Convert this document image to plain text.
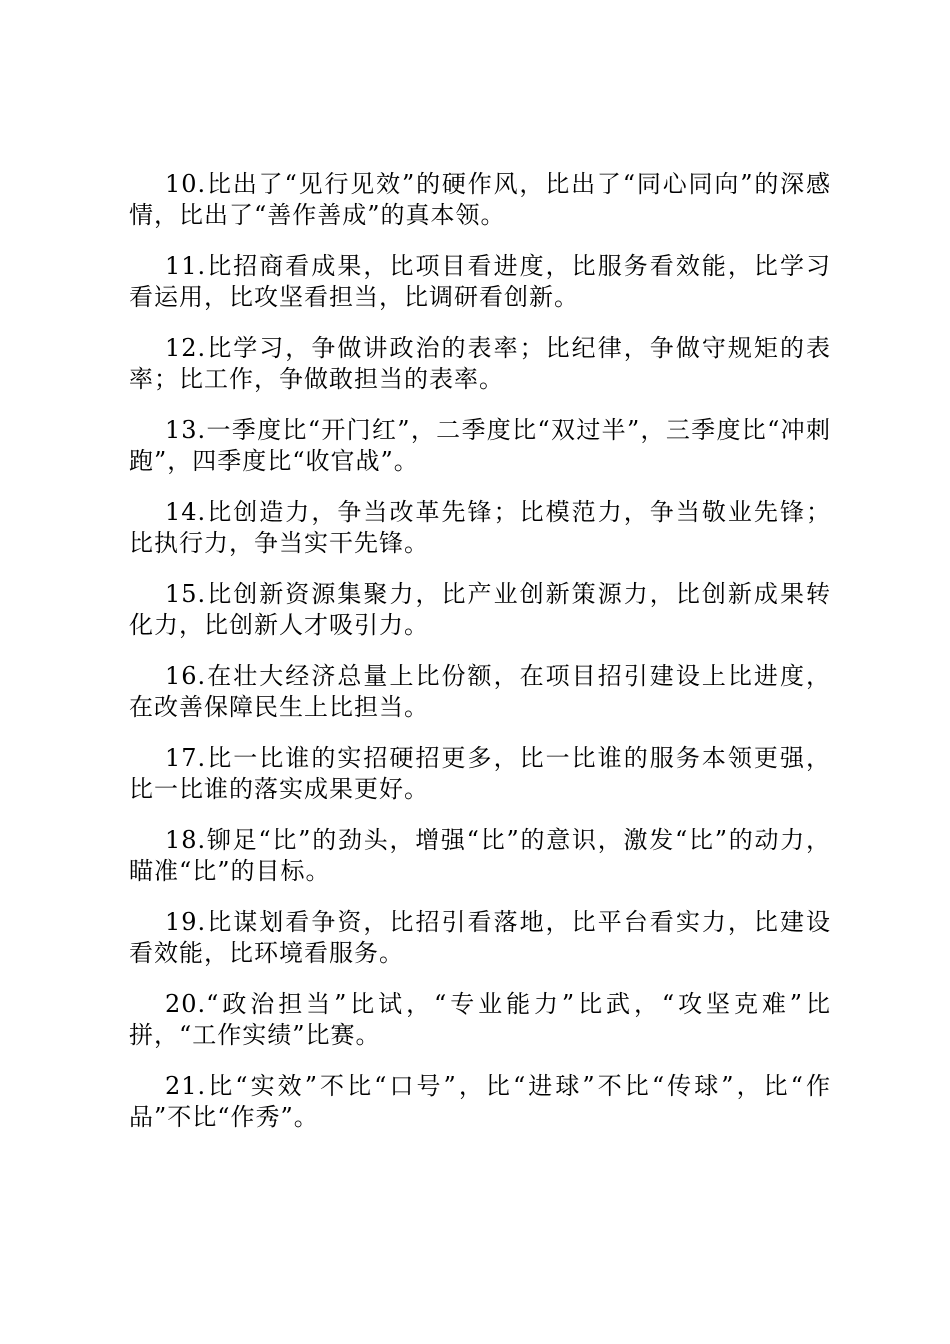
10.比出了“见行见效”的硬作风，比出了“同心同向”的深感情，比出了“善作善成”的真本领。

11.比招商看成果，比项目看进度，比服务看效能，比学习看运用，比攻坚看担当，比调研看创新。

12.比学习，争做讲政治的表率；比纪律，争做守规矩的表率；比工作，争做敢担当的表率。

13.一季度比“开门红”，二季度比“双过半”，三季度比“冲刺跑”，四季度比“收官战”。

14.比创造力，争当改革先锋；比模范力，争当敬业先锋；比执行力，争当实干先锋。

15.比创新资源集聚力，比产业创新策源力，比创新成果转化力，比创新人才吸引力。

16.在壮大经济总量上比份额，在项目招引建设上比进度，在改善保障民生上比担当。

17.比一比谁的实招硬招更多，比一比谁的服务本领更强，比一比谁的落实成果更好。

18.铆足“比”的劲头，增强“比”的意识，激发“比”的动力，瞄准“比”的目标。

19.比谋划看争资，比招引看落地，比平台看实力，比建设看效能，比环境看服务。

20.“政治担当”比试，“专业能力”比武，“攻坚克难”比拼，“工作实绩”比赛。

21.比“实效”不比“口号”，比“进球”不比“传球”，比“作品”不比“作秀”。
